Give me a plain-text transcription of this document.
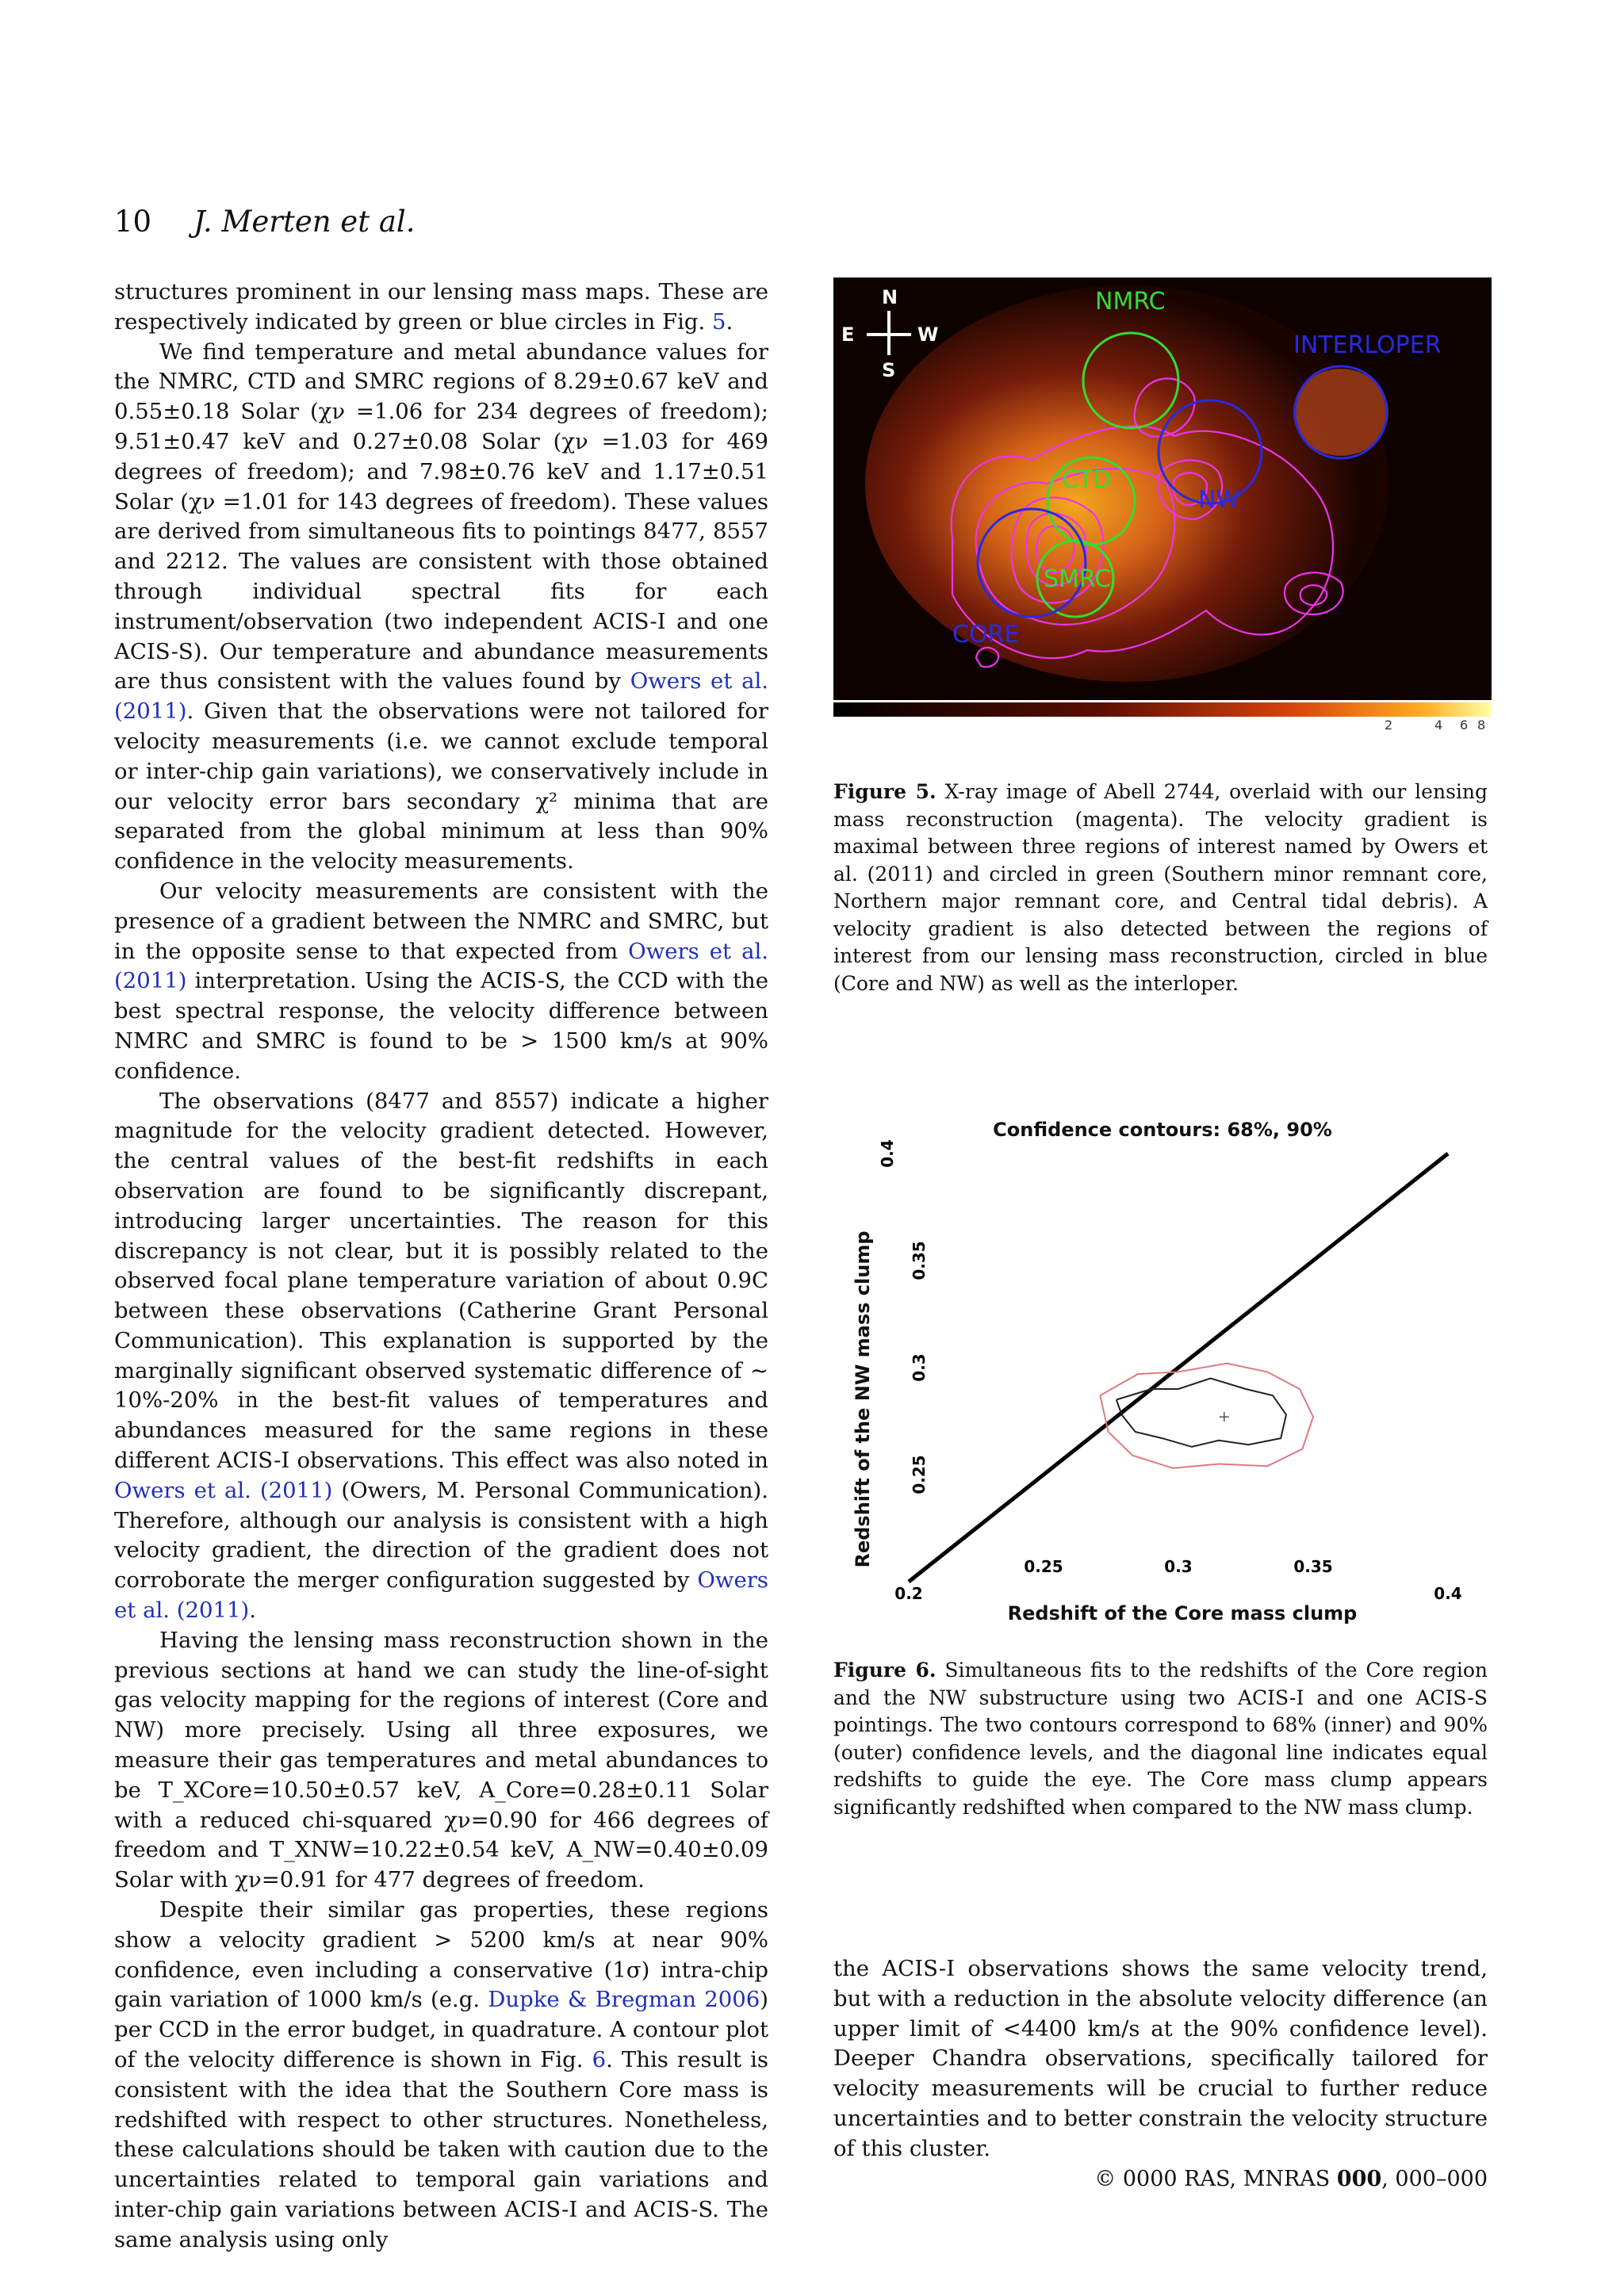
10 J. Merten et al.

structures prominent in our lensing mass maps. These are respectively indicated by green or blue circles in Fig. 5.

We find temperature and metal abundance values for the NMRC, CTD and SMRC regions of 8.29±0.67 keV and 0.55±0.18 Solar (χν =1.06 for 234 degrees of freedom); 9.51±0.47 keV and 0.27±0.08 Solar (χν =1.03 for 469 degrees of freedom); and 7.98±0.76 keV and 1.17±0.51 Solar (χν =1.01 for 143 degrees of freedom). These values are derived from simultaneous fits to pointings 8477, 8557 and 2212. The values are consistent with those obtained through individual spectral fits for each instrument/observation (two independent ACIS-I and one ACIS-S). Our temperature and abundance measurements are thus consistent with the values found by Owers et al. (2011). Given that the observations were not tailored for velocity measurements (i.e. we cannot exclude temporal or inter-chip gain variations), we conservatively include in our velocity error bars secondary χ² minima that are separated from the global minimum at less than 90% confidence in the velocity measurements.

Our velocity measurements are consistent with the presence of a gradient between the NMRC and SMRC, but in the opposite sense to that expected from Owers et al. (2011) interpretation. Using the ACIS-S, the CCD with the best spectral response, the velocity difference between NMRC and SMRC is found to be > 1500 km/s at 90% confidence.

The observations (8477 and 8557) indicate a higher magnitude for the velocity gradient detected. However, the central values of the best-fit redshifts in each observation are found to be significantly discrepant, introducing larger uncertainties. The reason for this discrepancy is not clear, but it is possibly related to the observed focal plane temperature variation of about 0.9C between these observations (Catherine Grant Personal Communication). This explanation is supported by the marginally significant observed systematic difference of ∼ 10%-20% in the best-fit values of temperatures and abundances measured for the same regions in these different ACIS-I observations. This effect was also noted in Owers et al. (2011) (Owers, M. Personal Communication). Therefore, although our analysis is consistent with a high velocity gradient, the direction of the gradient does not corroborate the merger configuration suggested by Owers et al. (2011).

Having the lensing mass reconstruction shown in the previous sections at hand we can study the line-of-sight gas velocity mapping for the regions of interest (Core and NW) more precisely. Using all three exposures, we measure their gas temperatures and metal abundances to be T_XCore=10.50±0.57 keV, A_Core=0.28±0.11 Solar with a reduced chi-squared χν=0.90 for 466 degrees of freedom and T_XNW=10.22±0.54 keV, A_NW=0.40±0.09 Solar with χν=0.91 for 477 degrees of freedom.

Despite their similar gas properties, these regions show a velocity gradient > 5200 km/s at near 90% confidence, even including a conservative (1σ) intra-chip gain variation of 1000 km/s (e.g. Dupke & Bregman 2006) per CCD in the error budget, in quadrature. A contour plot of the velocity difference is shown in Fig. 6. This result is consistent with the idea that the Southern Core mass is redshifted with respect to other structures. Nonetheless, these calculations should be taken with caution due to the uncertainties related to temporal gain variations and inter-chip gain variations between ACIS-I and ACIS-S. The same analysis using only

NMRC
INTERLOPER
CTD
NW
SMRC
CORE
N
S
E	W
2	4 6 8
Figure 5. X-ray image of Abell 2744, overlaid with our lensing mass reconstruction (magenta). The velocity gradient is maximal between three regions of interest named by Owers et al. (2011) and circled in green (Southern minor remnant core, Northern major remnant core, and Central tidal debris). A velocity gradient is also detected between the regions of interest from our lensing mass reconstruction, circled in blue (Core and NW) as well as the interloper.
Confidence contours: 68%, 90%
Redshift of the Core mass clump
Redshift of the NW mass clump
0.2
0.25	0.3	0.35
0.4
0.25
0.3
0.35
0.4
Figure 6. Simultaneous fits to the redshifts of the Core region and the NW substructure using two ACIS-I and one ACIS-S pointings. The two contours correspond to 68% (inner) and 90% (outer) confidence levels, and the diagonal line indicates equal redshifts to guide the eye. The Core mass clump appears significantly redshifted when compared to the NW mass clump.

the ACIS-I observations shows the same velocity trend, but with a reduction in the absolute velocity difference (an upper limit of <4400 km/s at the 90% confidence level). Deeper Chandra observations, specifically tailored for velocity measurements will be crucial to further reduce uncertainties and to better constrain the velocity structure of this cluster.

© 0000 RAS, MNRAS 000, 000–000
